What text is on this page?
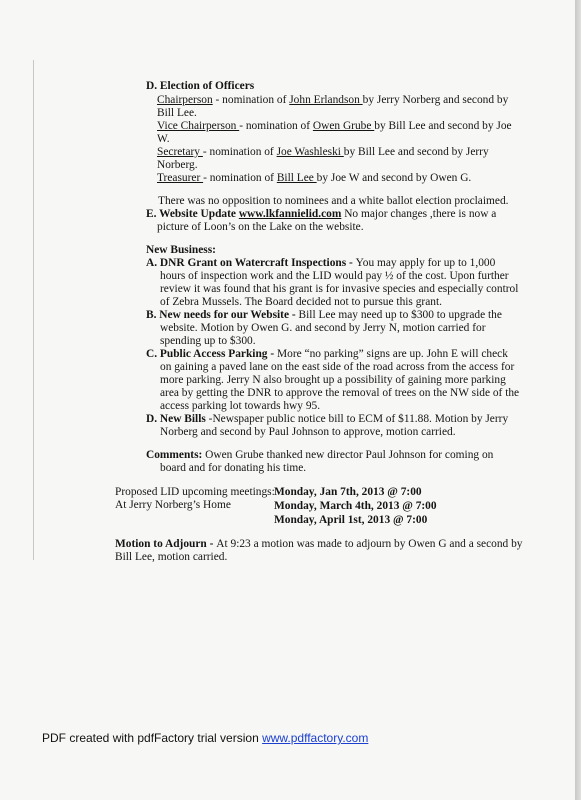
D. Election of Officers
Chairperson - nomination of John Erlandson by Jerry Norberg and second by
Bill Lee.
Vice Chairperson - nomination of Owen Grube by Bill Lee and second by Joe
W.
Secretary - nomination of Joe Washleski by Bill Lee and second by Jerry
Norberg.
Treasurer - nomination of Bill Lee by Joe W and second by Owen G.
There was no opposition to nominees and a white ballot election proclaimed.
E. Website Update www.lkfannielid.com No major changes ,there is now a
picture of Loon’s on the Lake on the website.
New Business:
A. DNR Grant on Watercraft Inspections - You may apply for up to 1,000
hours of inspection work and the LID would pay ½ of the cost. Upon further
review it was found that his grant is for invasive species and especially control
of Zebra Mussels. The Board decided not to pursue this grant.
B. New needs for our Website - Bill Lee may need up to $300 to upgrade the
website. Motion by Owen G. and second by Jerry N, motion carried for
spending up to $300.
C. Public Access Parking - More “no parking” signs are up. John E will check
on gaining a paved lane on the east side of the road across from the access for
more parking. Jerry N also brought up a possibility of gaining more parking
area by getting the DNR to approve the removal of trees on the NW side of the
access parking lot towards hwy 95.
D. New Bills -Newspaper public notice bill to ECM of $11.88. Motion by Jerry
Norberg and second by Paul Johnson to approve, motion carried.
Comments: Owen Grube thanked new director Paul Johnson for coming on
board and for donating his time.
Proposed LID upcoming meetings:
At Jerry Norberg’s Home
Monday, Jan 7th, 2013 @ 7:00
Monday, March 4th, 2013 @ 7:00
Monday, April 1st, 2013 @ 7:00
Motion to Adjourn - At 9:23 a motion was made to adjourn by Owen G and a second by
Bill Lee, motion carried.
PDF created with pdfFactory trial version www.pdffactory.com
